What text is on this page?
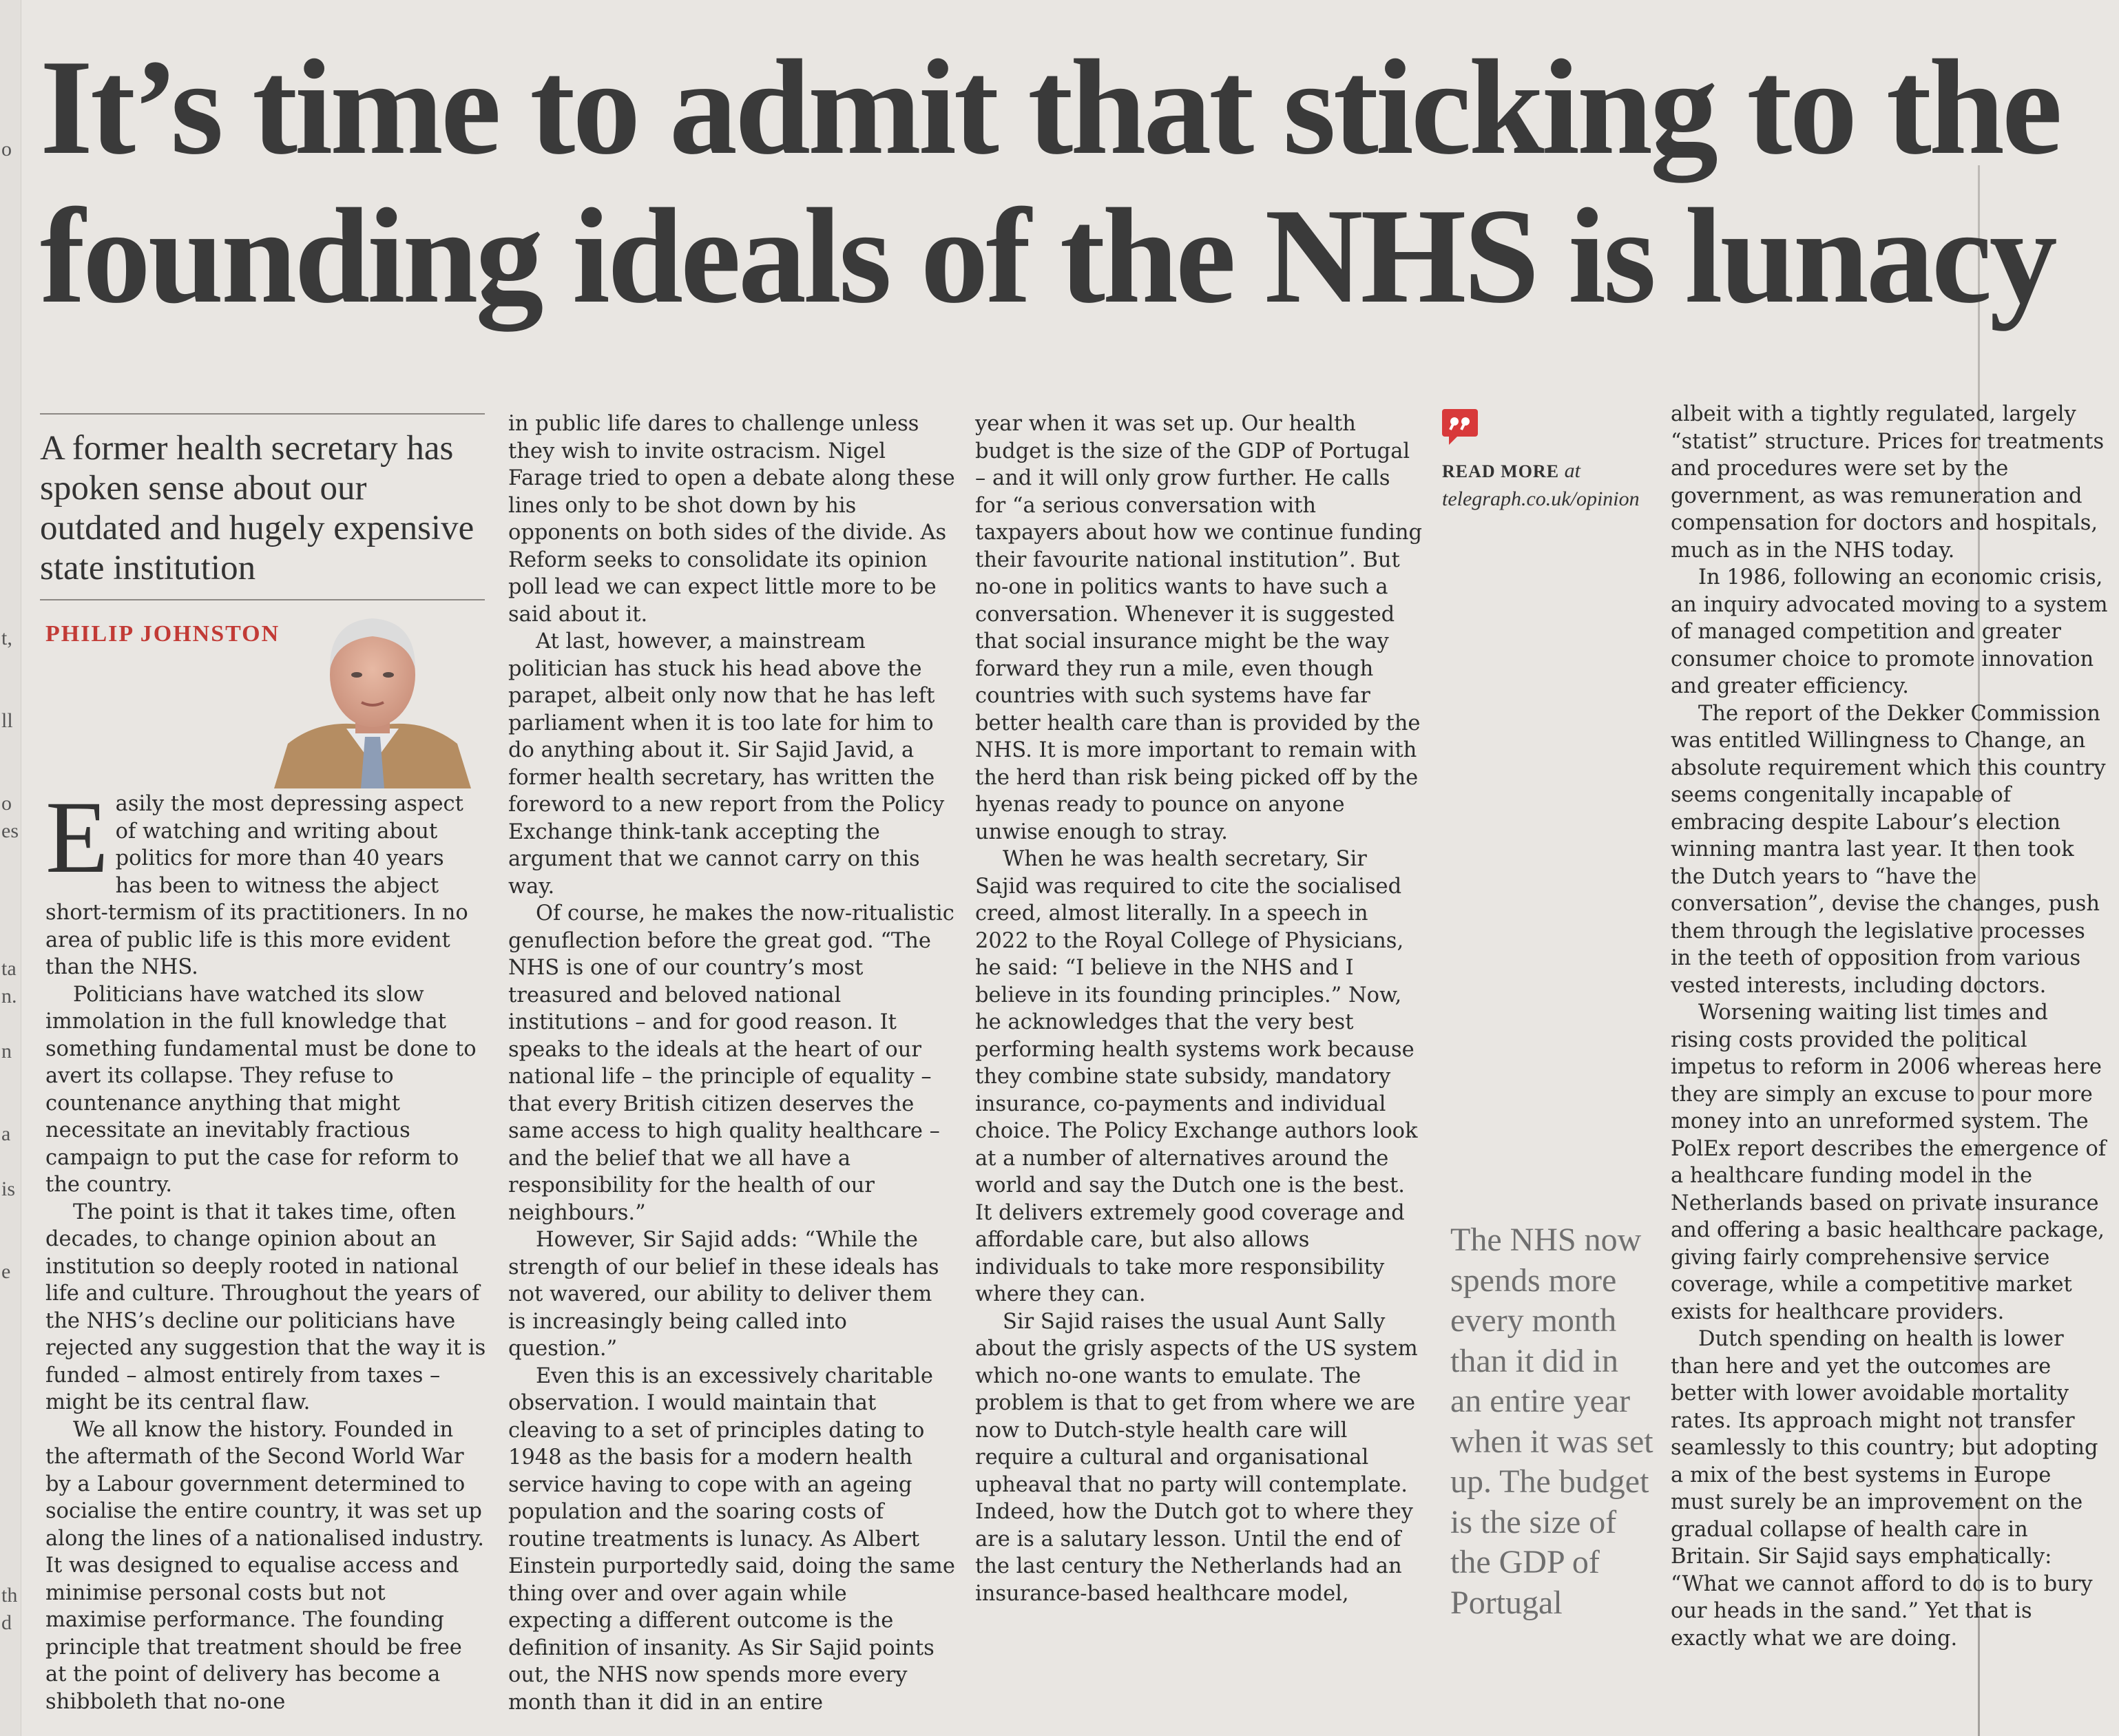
o
t,
ll
o
es
ta
n.
n
a
is
e
th
d
It’s time to admit that sticking to the
founding ideals of the NHS is lunacy

A former health secretary has spoken sense about our outdated and hugely expensive state institution

PHILIP JOHNSTON

Easily the most depressing aspect of watching and writing about politics for more than 40 years has been to witness the abject short-termism of its practitioners. In no area of public life is this more evident than the NHS.

Politicians have watched its slow immolation in the full knowledge that something fundamental must be done to avert its collapse. They refuse to countenance anything that might necessitate an inevitably fractious campaign to put the case for reform to the country.

The point is that it takes time, often decades, to change opinion about an institution so deeply rooted in national life and culture. Throughout the years of the NHS’s decline our politicians have rejected any suggestion that the way it is funded – almost entirely from taxes – might be its central flaw.

We all know the history. Founded in the aftermath of the Second World War by a Labour government determined to socialise the entire country, it was set up along the lines of a nationalised industry. It was designed to equalise access and minimise personal costs but not maximise performance. The founding principle that treatment should be free at the point of delivery has become a shibboleth that no-one

in public life dares to challenge unless they wish to invite ostracism. Nigel Farage tried to open a debate along these lines only to be shot down by his opponents on both sides of the divide. As Reform seeks to consolidate its opinion poll lead we can expect little more to be said about it.

At last, however, a mainstream politician has stuck his head above the parapet, albeit only now that he has left parliament when it is too late for him to do anything about it. Sir Sajid Javid, a former health secretary, has written the foreword to a new report from the Policy Exchange think-tank accepting the argument that we cannot carry on this way.

Of course, he makes the now-ritualistic genuflection before the great god. “The NHS is one of our country’s most treasured and beloved national institutions – and for good reason. It speaks to the ideals at the heart of our national life – the principle of equality – that every British citizen deserves the same access to high quality healthcare – and the belief that we all have a responsibility for the health of our neighbours.”

However, Sir Sajid adds: “While the strength of our belief in these ideals has not wavered, our ability to deliver them is increasingly being called into question.”

Even this is an excessively charitable observation. I would maintain that cleaving to a set of principles dating to 1948 as the basis for a modern health service having to cope with an ageing population and the soaring costs of routine treatments is lunacy. As Albert Einstein purportedly said, doing the same thing over and over again while expecting a different outcome is the definition of insanity. As Sir Sajid points out, the NHS now spends more every month than it did in an entire

year when it was set up. Our health budget is the size of the GDP of Portugal – and it will only grow further. He calls for “a serious conversation with taxpayers about how we continue funding their favourite national institution”. But no-one in politics wants to have such a conversation. Whenever it is suggested that social insurance might be the way forward they run a mile, even though countries with such systems have far better health care than is provided by the NHS. It is more important to remain with the herd than risk being picked off by the hyenas ready to pounce on anyone unwise enough to stray.

When he was health secretary, Sir Sajid was required to cite the socialised creed, almost literally. In a speech in 2022 to the Royal College of Physicians, he said: “I believe in the NHS and I believe in its founding principles.” Now, he acknowledges that the very best performing health systems work because they combine state subsidy, mandatory insurance, co-payments and individual choice. The Policy Exchange authors look at a number of alternatives around the world and say the Dutch one is the best. It delivers extremely good coverage and affordable care, but also allows individuals to take more responsibility where they can.

Sir Sajid raises the usual Aunt Sally about the grisly aspects of the US system which no-one wants to emulate. The problem is that to get from where we are now to Dutch-style health care will require a cultural and organisational upheaval that no party will contemplate. Indeed, how the Dutch got to where they are is a salutary lesson. Until the end of the last century the Netherlands had an insurance-based healthcare model,

READ MORE at telegraph.co.uk/opinion

The NHS now spends more every month than it did in an entire year when it was set up. The budget is the size of the GDP of Portugal

albeit with a tightly regulated, largely “statist” structure. Prices for treatments and procedures were set by the government, as was remuneration and compensation for doctors and hospitals, much as in the NHS today.

In 1986, following an economic crisis, an inquiry advocated moving to a system of managed competition and greater consumer choice to promote innovation and greater efficiency.

The report of the Dekker Commission was entitled Willingness to Change, an absolute requirement which this country seems congenitally incapable of embracing despite Labour’s election winning mantra last year. It then took the Dutch years to “have the conversation”, devise the changes, push them through the legislative processes in the teeth of opposition from various vested interests, including doctors.

Worsening waiting list times and rising costs provided the political impetus to reform in 2006 whereas here they are simply an excuse to pour more money into an unreformed system. The PolEx report describes the emergence of a healthcare funding model in the Netherlands based on private insurance and offering a basic healthcare package, giving fairly comprehensive service coverage, while a competitive market exists for healthcare providers.

Dutch spending on health is lower than here and yet the outcomes are better with lower avoidable mortality rates. Its approach might not transfer seamlessly to this country; but adopting a mix of the best systems in Europe must surely be an improvement on the gradual collapse of health care in Britain. Sir Sajid says emphatically: “What we cannot afford to do is to bury our heads in the sand.” Yet that is exactly what we are doing.
